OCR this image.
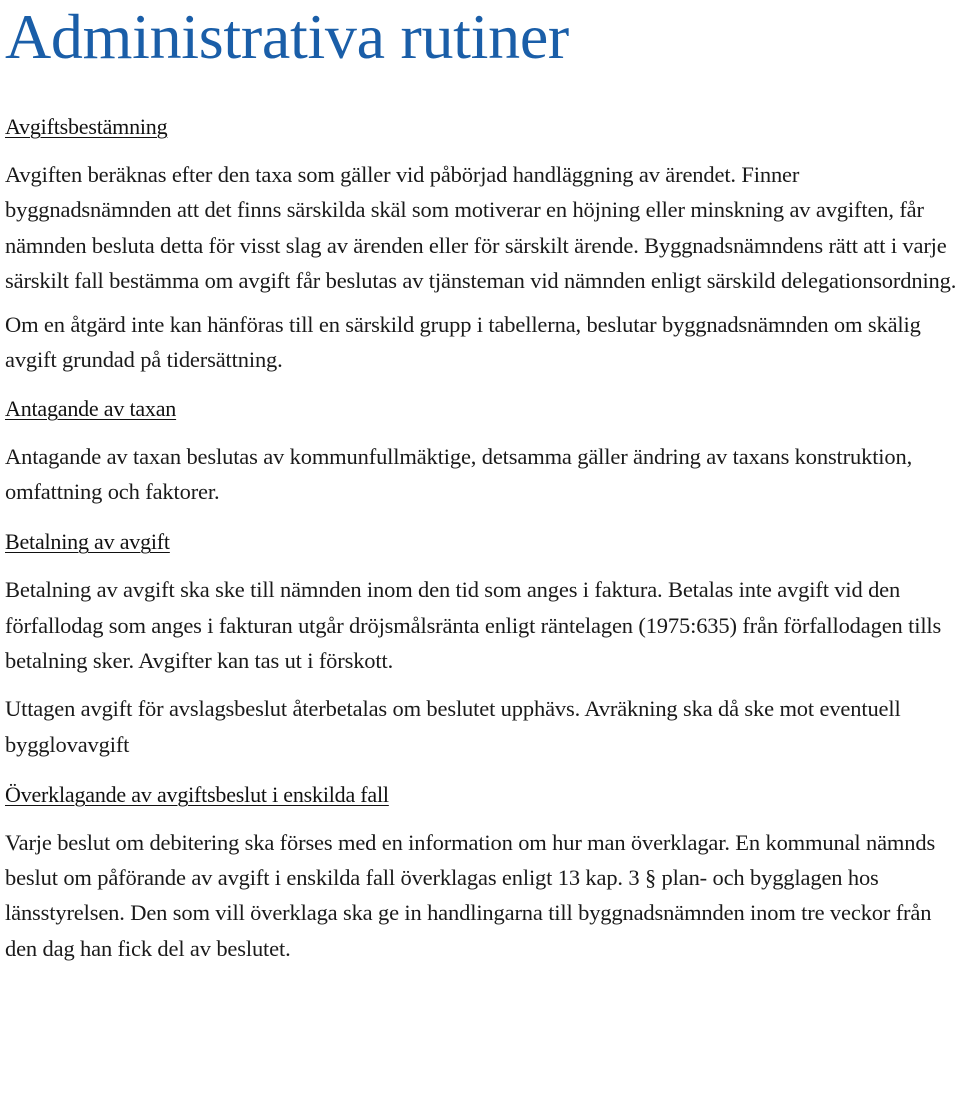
Administrativa rutiner
Avgiftsbestämning

Avgiften beräknas efter den taxa som gäller vid påbörjad handläggning av ärendet. Finner byggnadsnämnden att det finns särskilda skäl som motiverar en höjning eller minskning av avgiften, får nämnden besluta detta för visst slag av ärenden eller för särskilt ärende. Byggnadsnämndens rätt att i varje särskilt fall bestämma om avgift får beslutas av tjänsteman vid nämnden enligt särskild delegationsordning.

Om en åtgärd inte kan hänföras till en särskild grupp i tabellerna, beslutar byggnadsnämnden om skälig avgift grundad på tidersättning.

Antagande av taxan

Antagande av taxan beslutas av kommunfullmäktige, detsamma gäller ändring av taxans konstruktion, omfattning och faktorer.

Betalning av avgift

Betalning av avgift ska ske till nämnden inom den tid som anges i faktura. Betalas inte avgift vid den förfallodag som anges i fakturan utgår dröjsmålsränta enligt räntelagen (1975:635) från förfallodagen tills betalning sker. Avgifter kan tas ut i förskott.

Uttagen avgift för avslagsbeslut återbetalas om beslutet upphävs. Avräkning ska då ske mot eventuell bygglovavgift

Överklagande av avgiftsbeslut i enskilda fall

Varje beslut om debitering ska förses med en information om hur man överklagar. En kommunal nämnds beslut om påförande av avgift i enskilda fall överklagas enligt 13 kap. 3 § plan- och bygglagen hos länsstyrelsen. Den som vill överklaga ska ge in handlingarna till byggnadsnämnden inom tre veckor från den dag han fick del av beslutet.
